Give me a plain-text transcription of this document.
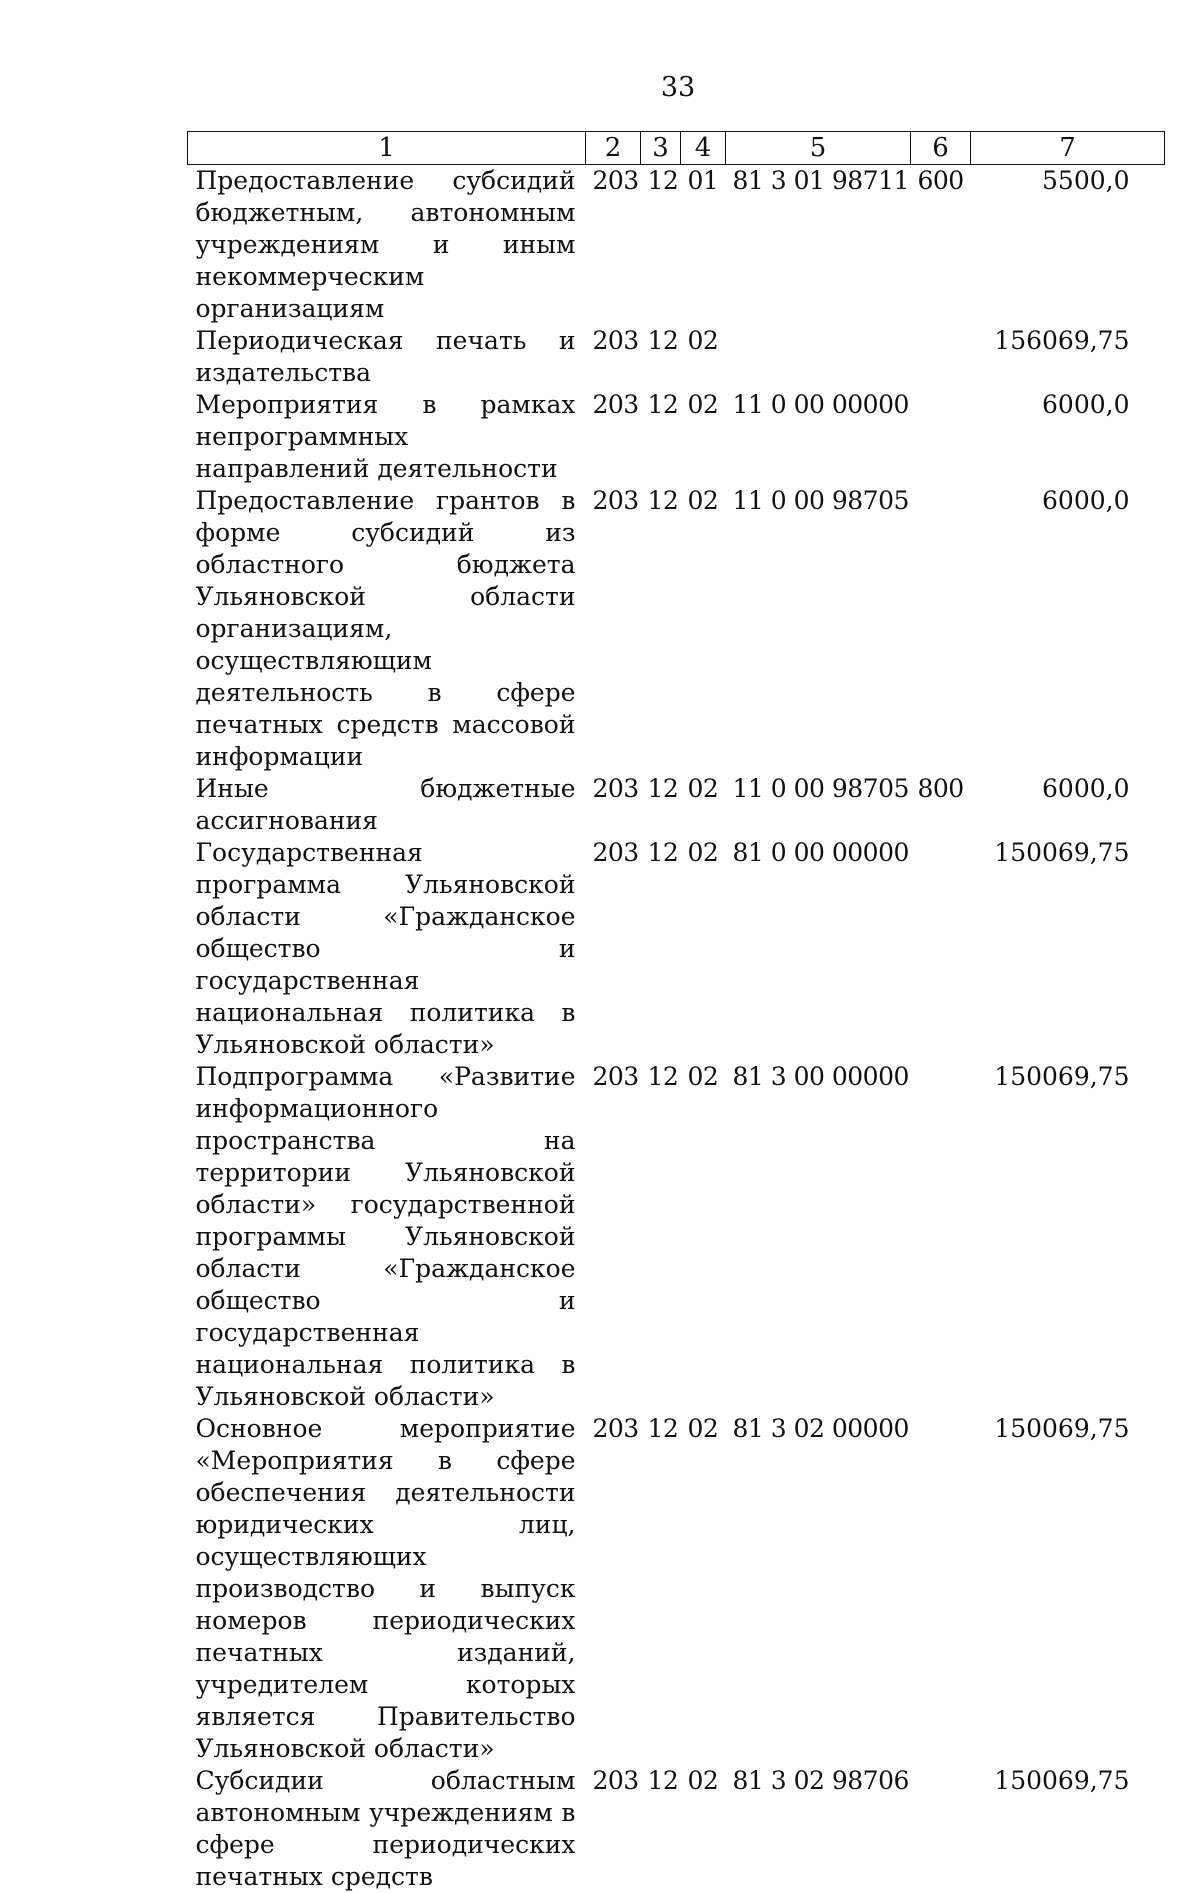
33
1	2	3	4	5	6	7
Предоставление субсидий бюджетным, автономным учреждениям и иным некоммерческим организациям	203	12	01	81 3 01 98711	600	5500,0
Периодическая печать и издательства	203	12	02			156069,75
Мероприятия в рамках непрограммных направлений деятельности	203	12	02	11 0 00 00000		6000,0
Предоставление грантов в форме субсидий из областного бюджета Ульяновской области организациям, осуществляющим деятельность в сфере печатных средств массовой информации	203	12	02	11 0 00 98705		6000,0
Иные бюджетные ассигнования	203	12	02	11 0 00 98705	800	6000,0
Государственная программа Ульяновской области «Гражданское общество и государственная национальная политика в Ульяновской области»	203	12	02	81 0 00 00000		150069,75
Подпрограмма «Развитие информационного пространства на территории Ульяновской области» государственной программы Ульяновской области «Гражданское общество и государственная национальная политика в Ульяновской области»	203	12	02	81 3 00 00000		150069,75
Основное мероприятие «Мероприятия в сфере обеспечения деятельности юридических лиц, осуществляющих производство и выпуск номеров периодических печатных изданий, учредителем которых является Правительство Ульяновской области»	203	12	02	81 3 02 00000		150069,75
Субсидии областным автономным учреждениям в сфере периодических печатных средств	203	12	02	81 3 02 98706		150069,75
